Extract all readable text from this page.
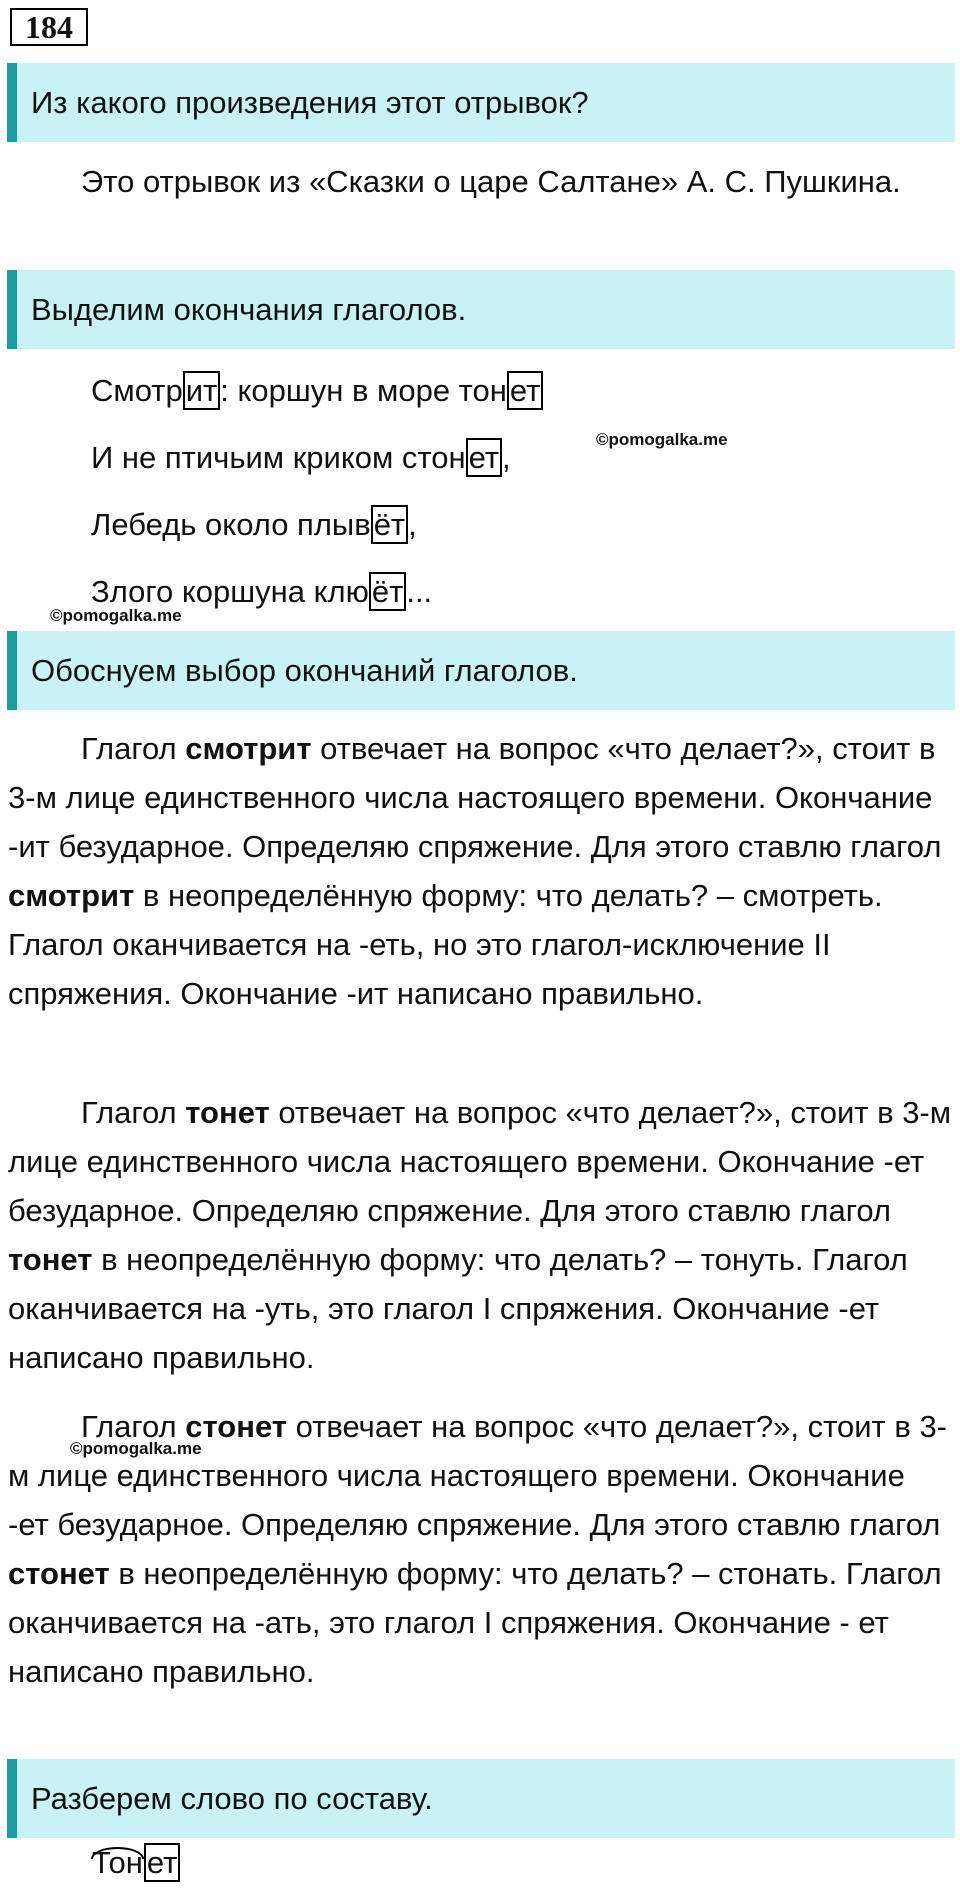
184
Из какого произведения этот отрывок?

Это отрывок из «Сказки о царе Салтане» А. С. Пушкина.

Выделим окончания глаголов.
Смотрит: коршун в море тонет
И не птичьим криком стонет,
Лебедь около плывёт,
Злого коршуна клюёт...
©pomogalka.me
©pomogalka.me
Обоснуем выбор окончаний глаголов.

Глагол смотрит отвечает на вопрос «что делает?», стоит в 3-м лице единственного числа настоящего времени. Окончание -ит безударное. Определяю спряжение. Для этого ставлю глагол смотрит в неопределённую форму: что делать? – смотреть. Глагол оканчивается на -еть, но это глагол-исключение II спряжения. Окончание -ит написано правильно.

Глагол тонет отвечает на вопрос «что делает?», стоит в 3-м лице единственного числа настоящего времени. Окончание -ет безударное. Определяю спряжение. Для этого ставлю глагол тонет в неопределённую форму: что делать? – тонуть. Глагол оканчивается на -уть, это глагол I спряжения. Окончание -ет написано правильно.

Глагол стонет отвечает на вопрос «что делает?», стоит в 3-м лице единственного числа настоящего времени. Окончание -ет безударное. Определяю спряжение. Для этого ставлю глагол стонет в неопределённую форму: что делать? – стонать. Глагол оканчивается на -ать, это глагол I спряжения. Окончание - ет написано правильно.

©pomogalka.me
Разберем слово по составу.
Тон ет
